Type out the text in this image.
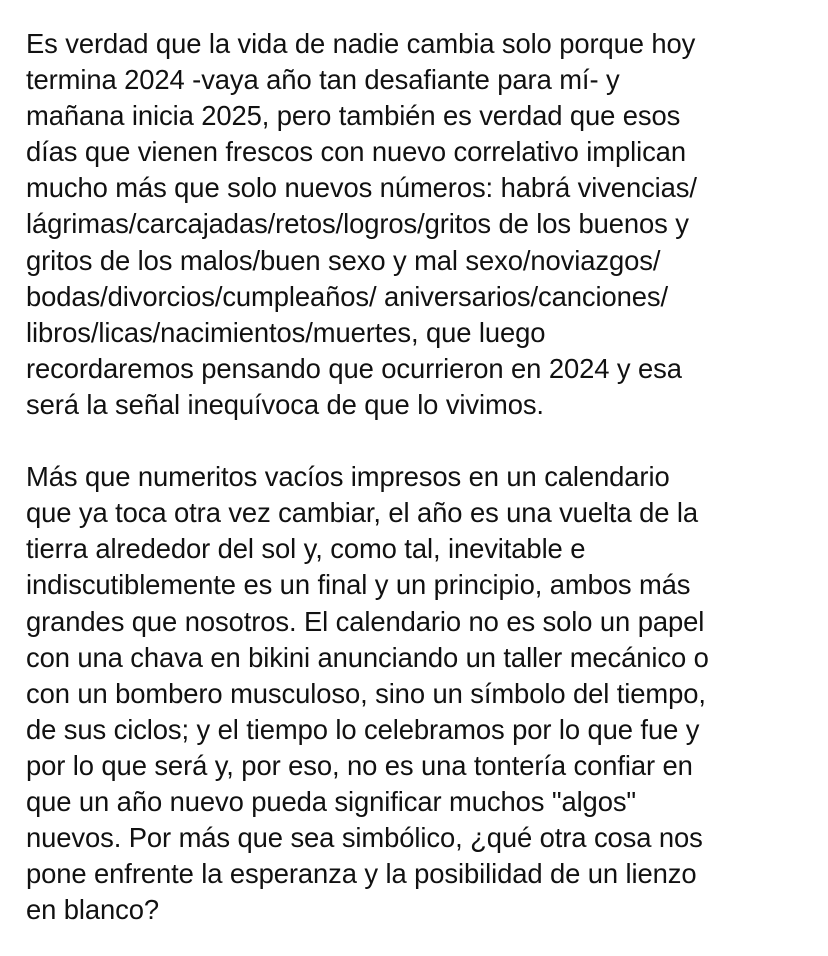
Es verdad que la vida de nadie cambia solo porque hoy
termina 2024 -vaya año tan desafiante para mí- y
mañana inicia 2025, pero también es verdad que esos
días que vienen frescos con nuevo correlativo implican
mucho más que solo nuevos números: habrá vivencias/
lágrimas/carcajadas/retos/logros/gritos de los buenos y
gritos de los malos/buen sexo y mal sexo/noviazgos/
bodas/divorcios/cumpleaños/ aniversarios/canciones/
libros/licas/nacimientos/muertes, que luego
recordaremos pensando que ocurrieron en 2024 y esa
será la señal inequívoca de que lo vivimos.

Más que numeritos vacíos impresos en un calendario
que ya toca otra vez cambiar, el año es una vuelta de la
tierra alrededor del sol y, como tal, inevitable e
indiscutiblemente es un final y un principio, ambos más
grandes que nosotros. El calendario no es solo un papel
con una chava en bikini anunciando un taller mecánico o
con un bombero musculoso, sino un símbolo del tiempo,
de sus ciclos; y el tiempo lo celebramos por lo que fue y
por lo que será y, por eso, no es una tontería confiar en
que un año nuevo pueda significar muchos "algos"
nuevos. Por más que sea simbólico, ¿qué otra cosa nos
pone enfrente la esperanza y la posibilidad de un lienzo
en blanco?
